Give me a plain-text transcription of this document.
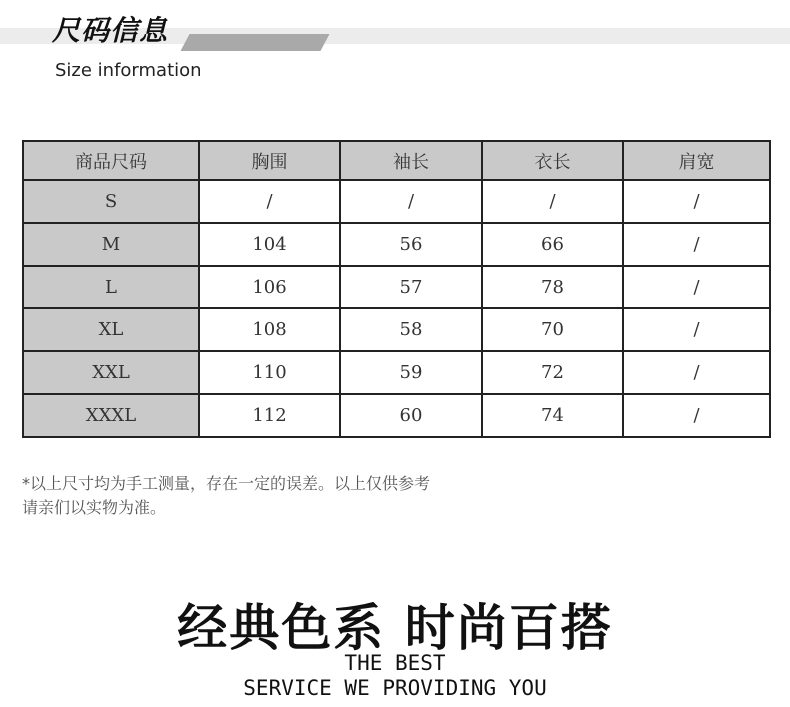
尺码信息
Size information
商品尺码	胸围	袖长	衣长	肩宽
S	/	/	/	/
M	104	56	66	/
L	106	57	78	/
XL	108	58	70	/
XXL	110	59	72	/
XXXL	112	60	74	/
*以上尺寸均为手工测量，存在一定的误差。以上仅供参考
请亲们以实物为准。
经典色系 时尚百搭
THE BEST
SERVICE WE PROVIDING YOU
